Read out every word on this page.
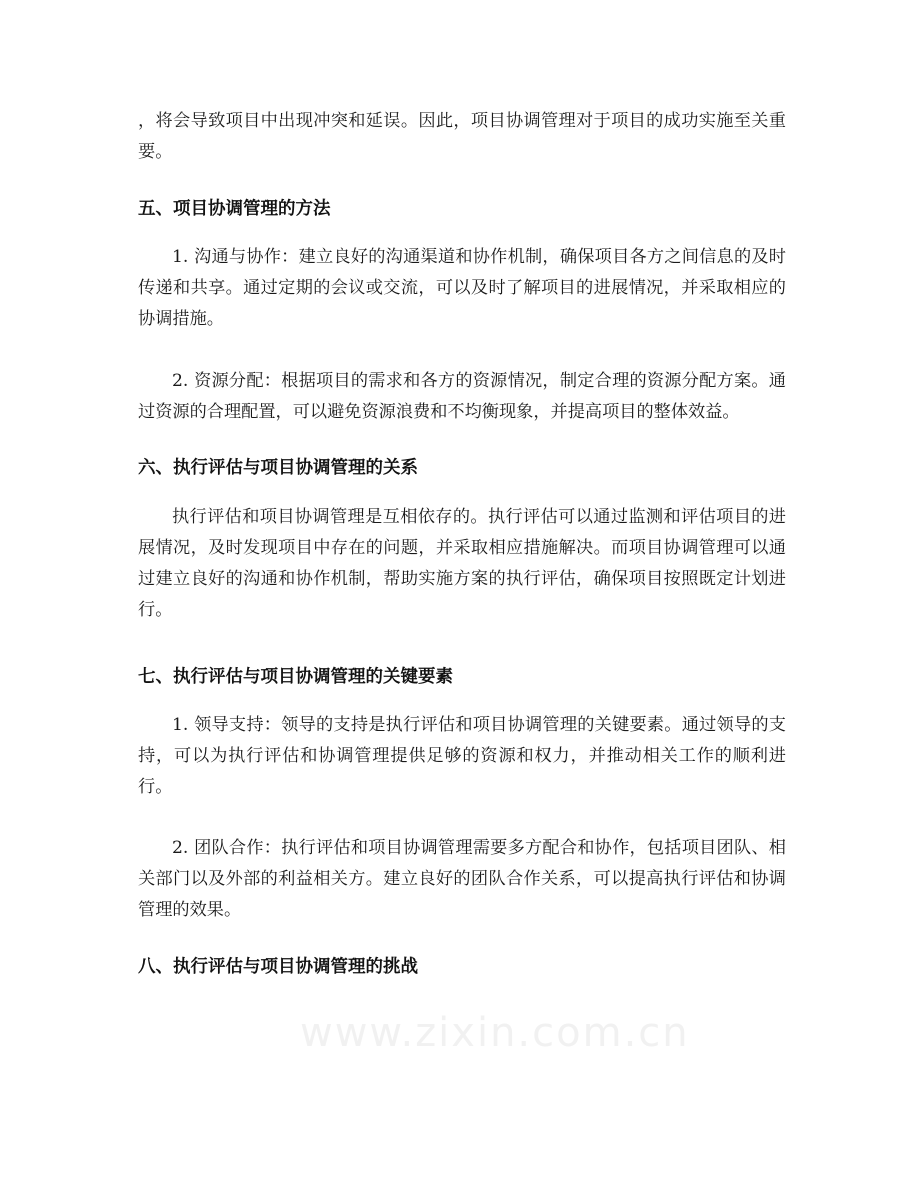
，将会导致项目中出现冲突和延误。因此，项目协调管理对于项目的成功实施至关重要。

五、项目协调管理的方法

1. 沟通与协作：建立良好的沟通渠道和协作机制，确保项目各方之间信息的及时传递和共享。通过定期的会议或交流，可以及时了解项目的进展情况，并采取相应的协调措施。

2. 资源分配：根据项目的需求和各方的资源情况，制定合理的资源分配方案。通过资源的合理配置，可以避免资源浪费和不均衡现象，并提高项目的整体效益。

六、执行评估与项目协调管理的关系

执行评估和项目协调管理是互相依存的。执行评估可以通过监测和评估项目的进展情况，及时发现项目中存在的问题，并采取相应措施解决。而项目协调管理可以通过建立良好的沟通和协作机制，帮助实施方案的执行评估，确保项目按照既定计划进行。

七、执行评估与项目协调管理的关键要素

1. 领导支持：领导的支持是执行评估和项目协调管理的关键要素。通过领导的支持，可以为执行评估和协调管理提供足够的资源和权力，并推动相关工作的顺利进行。

2. 团队合作：执行评估和项目协调管理需要多方配合和协作，包括项目团队、相关部门以及外部的利益相关方。建立良好的团队合作关系，可以提高执行评估和协调管理的效果。

八、执行评估与项目协调管理的挑战
www.zixin.com.cn
